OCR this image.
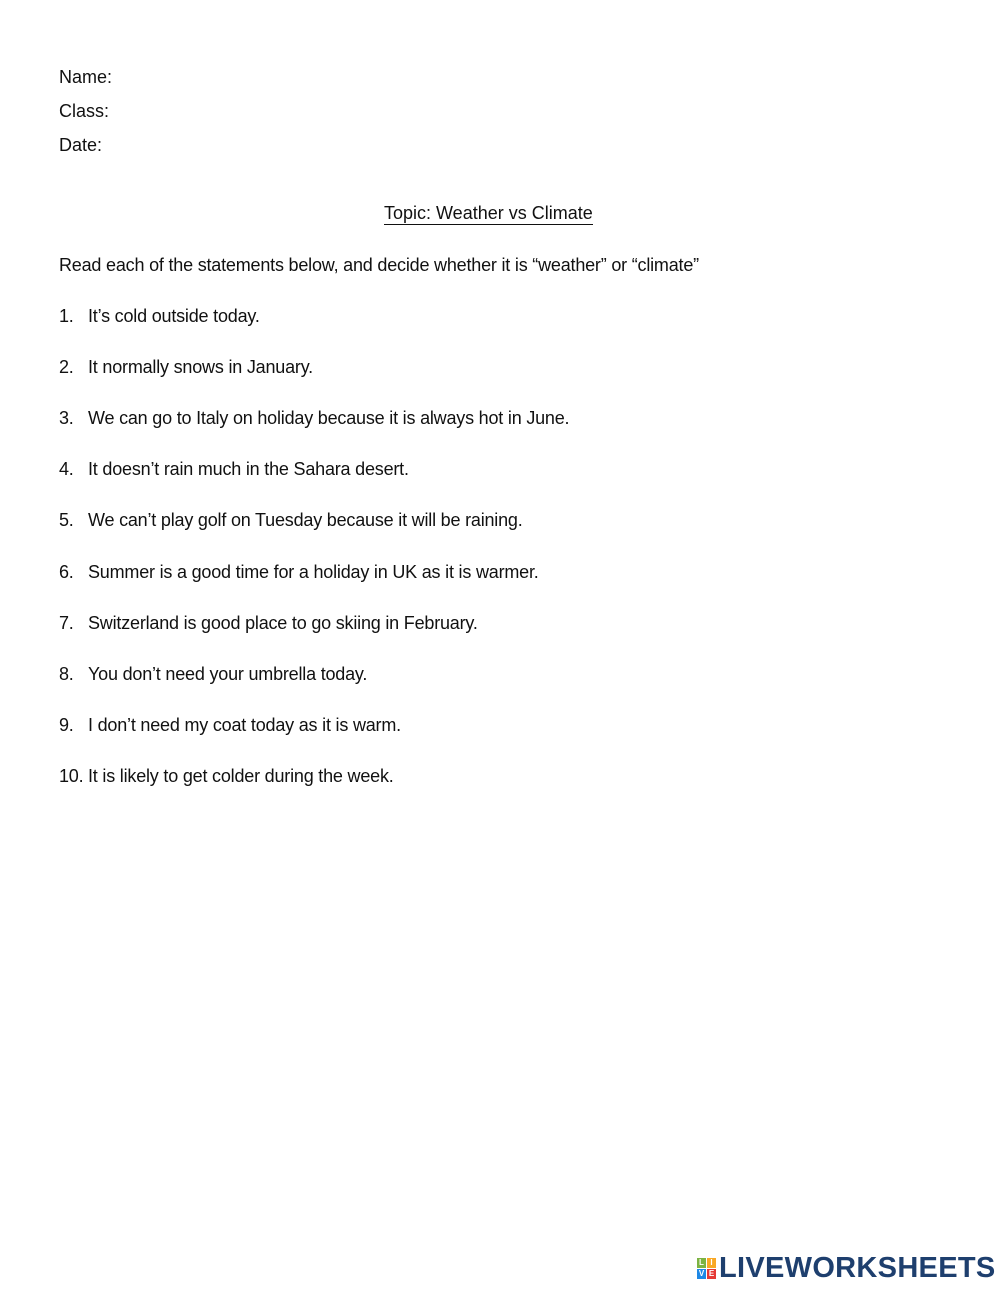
Name:
Class:
Date:
Topic: Weather vs Climate
Read each of the statements below, and decide whether it is “weather” or “climate”
1. It’s cold outside today.
2. It normally snows in January.
3. We can go to Italy on holiday because it is always hot in June.
4. It doesn’t rain much in the Sahara desert.
5. We can’t play golf on Tuesday because it will be raining.
6. Summer is a good time for a holiday in UK as it is warmer.
7. Switzerland is good place to go skiing in February.
8. You don’t need your umbrella today.
9. I don’t need my coat today as it is warm.
10. It is likely to get colder during the week.
L I
V E LIVEWORKSHEETS
